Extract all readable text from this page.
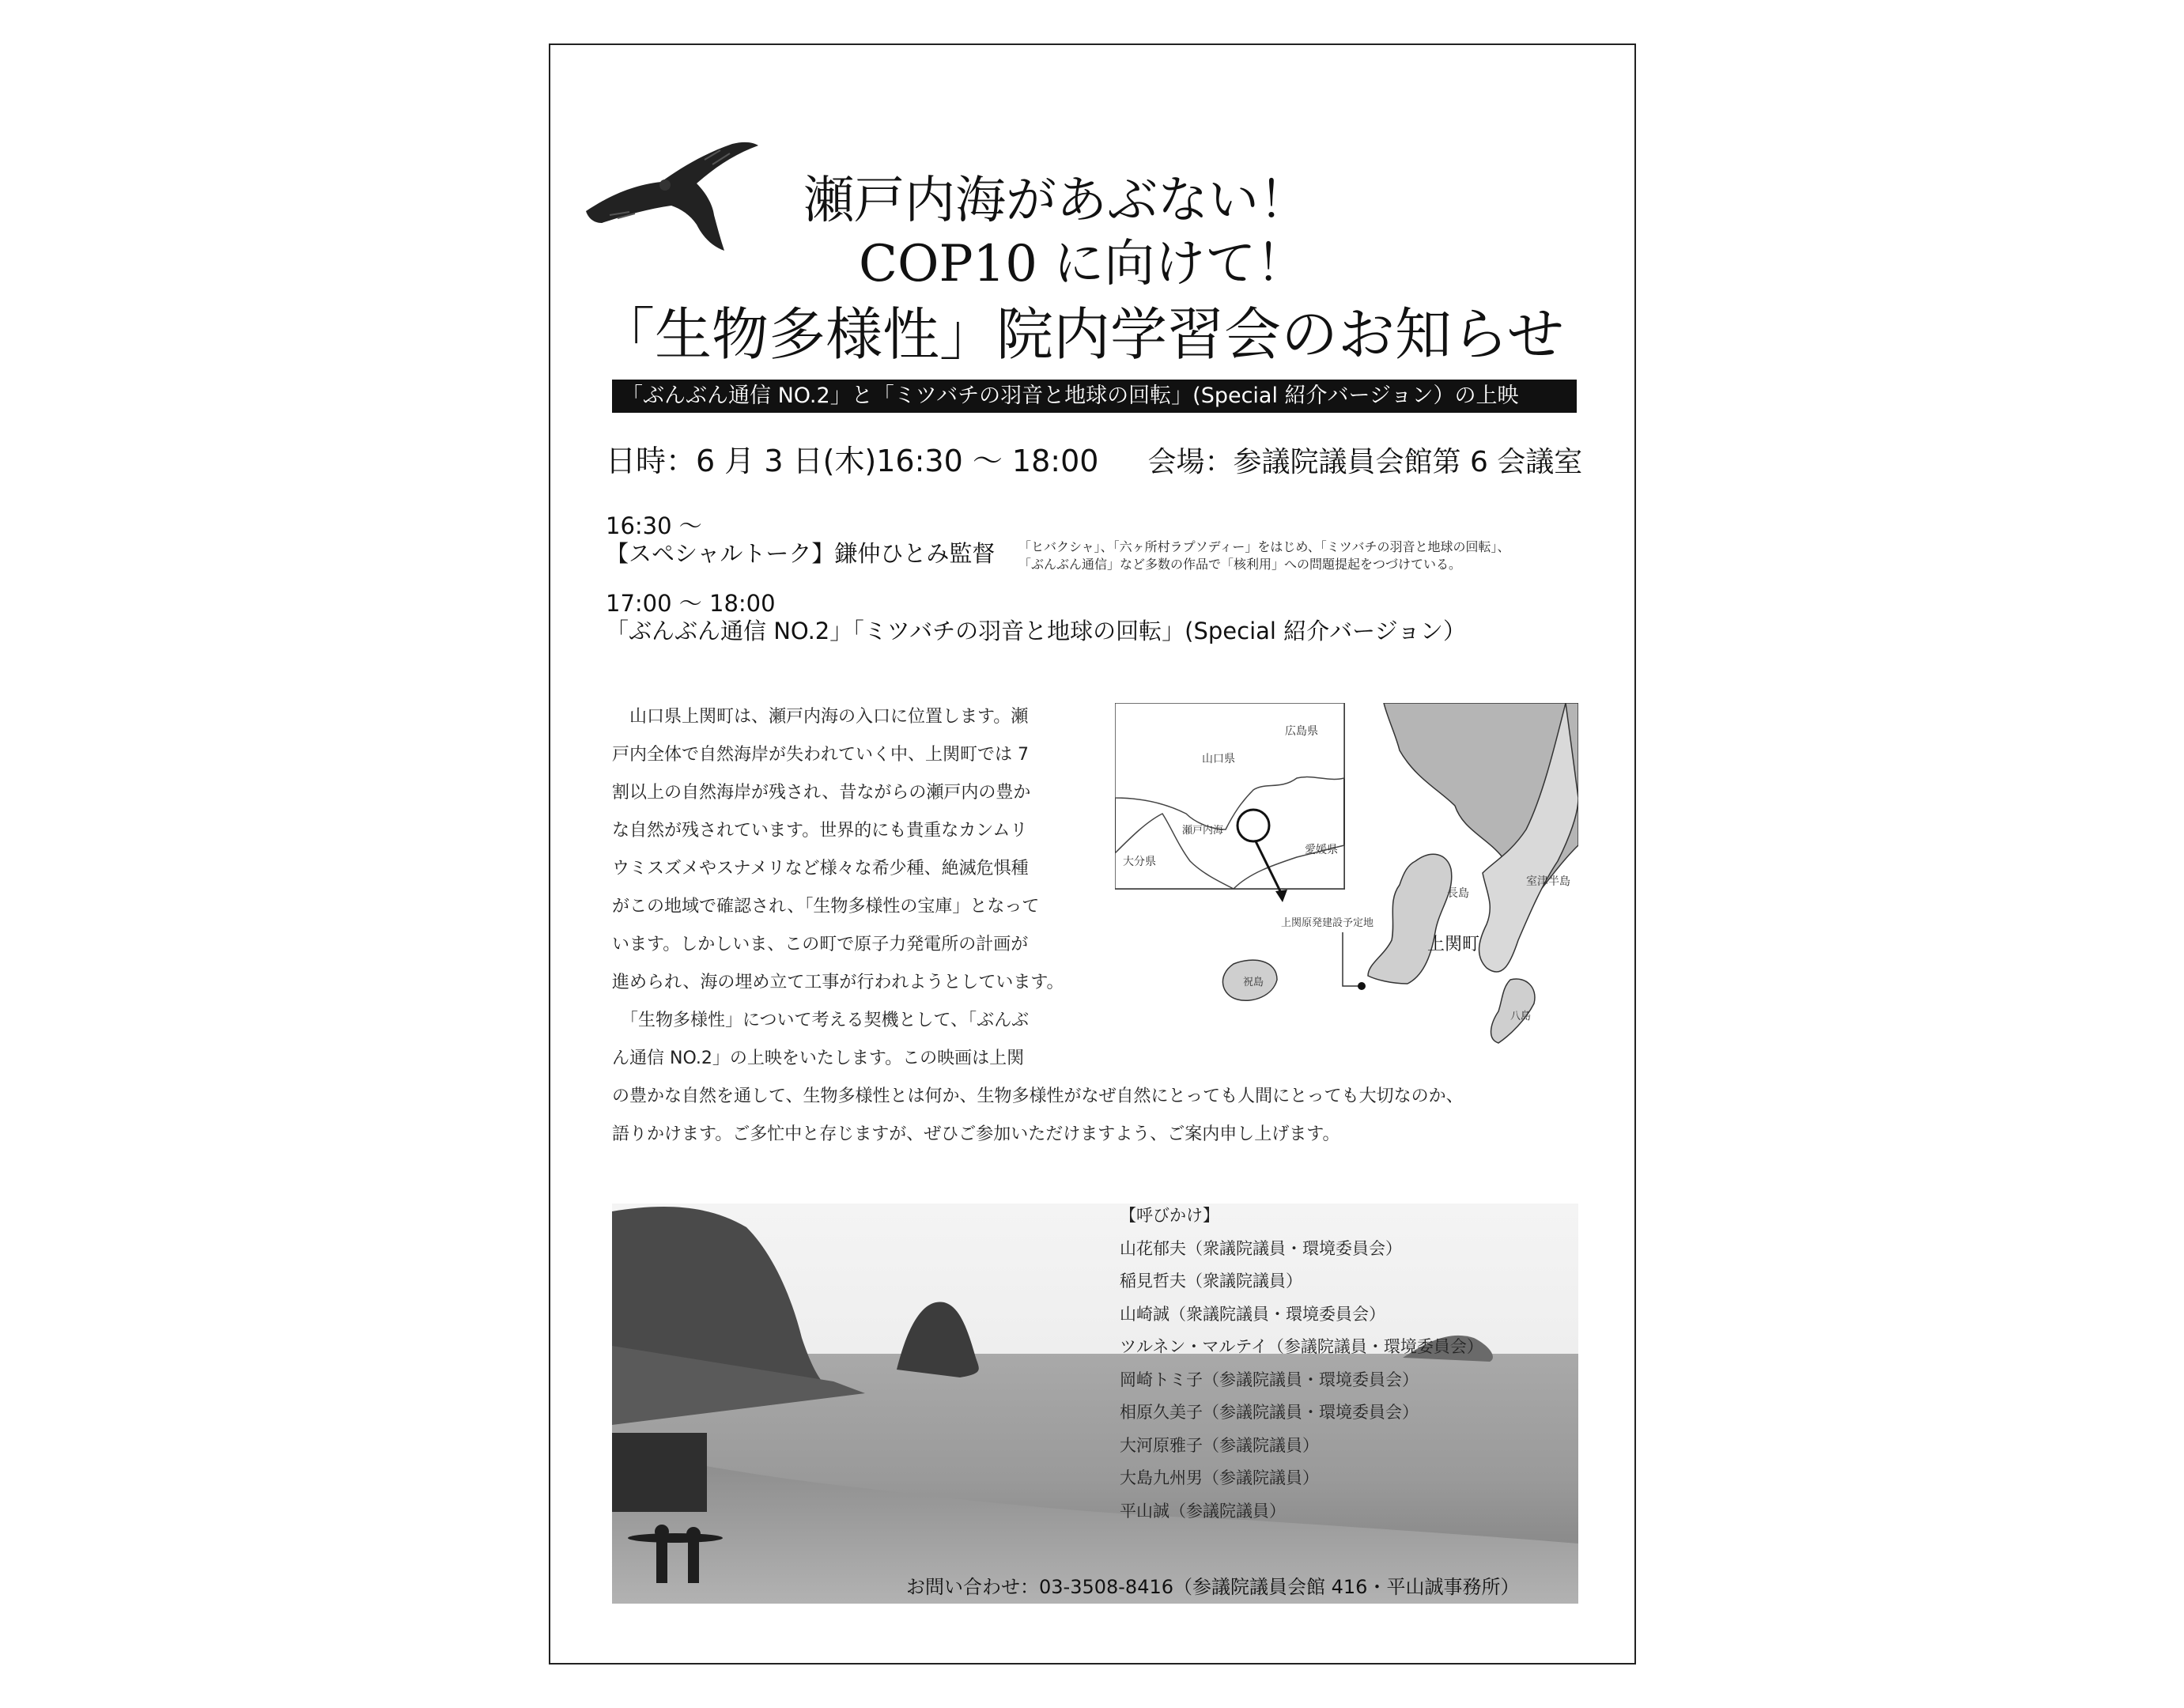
瀬戸内海があぶない！
COP10 に向けて！
「生物多様性」院内学習会のお知らせ
「ぶんぶん通信 NO.2」と「ミツバチの羽音と地球の回転」(Special 紹介バージョン）の上映
日時：6 月 3 日(木)16:30 〜 18:00 会場：参議院議員会館第 6 会議室
16:30 〜
【スペシャルトーク】鎌仲ひとみ監督 「ヒバクシャ」、「六ヶ所村ラプソディー」をはじめ、「ミツバチの羽音と地球の回転」、
「ぶんぶん通信」など多数の作品で「核利用」への問題提起をつづけている。
17:00 〜 18:00
「ぶんぶん通信 NO.2」「ミツバチの羽音と地球の回転」(Special 紹介バージョン）
　山口県上関町は、瀬戸内海の入口に位置します。瀬
戸内全体で自然海岸が失われていく中、上関町では 7
割以上の自然海岸が残され、昔ながらの瀬戸内の豊か
な自然が残されています。世界的にも貴重なカンムリ
ウミスズメやスナメリなど様々な希少種、絶滅危惧種
がこの地域で確認され、「生物多様性の宝庫」となって
います。しかしいま、この町で原子力発電所の計画が
進められ、海の埋め立て工事が行われようとしています。
　「生物多様性」について考える契機として、「ぶんぶ
ん通信 NO.2」の上映をいたします。この映画は上関
の豊かな自然を通して、生物多様性とは何か、生物多様性がなぜ自然にとっても人間にとっても大切なのか、
語りかけます。ご多忙中と存じますが、ぜひご参加いただけますよう、ご案内申し上げます。
広島県
山口県
瀬戸内海
大分県
愛媛県
長島
室津半島
上関原発建設予定地
上関町
祝島
八島
【呼びかけ】
山花郁夫（衆議院議員・環境委員会）
稲見哲夫（衆議院議員）
山崎誠（衆議院議員・環境委員会）
ツルネン・マルテイ（参議院議員・環境委員会）
岡崎トミ子（参議院議員・環境委員会）
相原久美子（参議院議員・環境委員会）
大河原雅子（参議院議員）
大島九州男（参議院議員）
平山誠（参議院議員）
お問い合わせ：03-3508-8416（参議院議員会館 416・平山誠事務所）
